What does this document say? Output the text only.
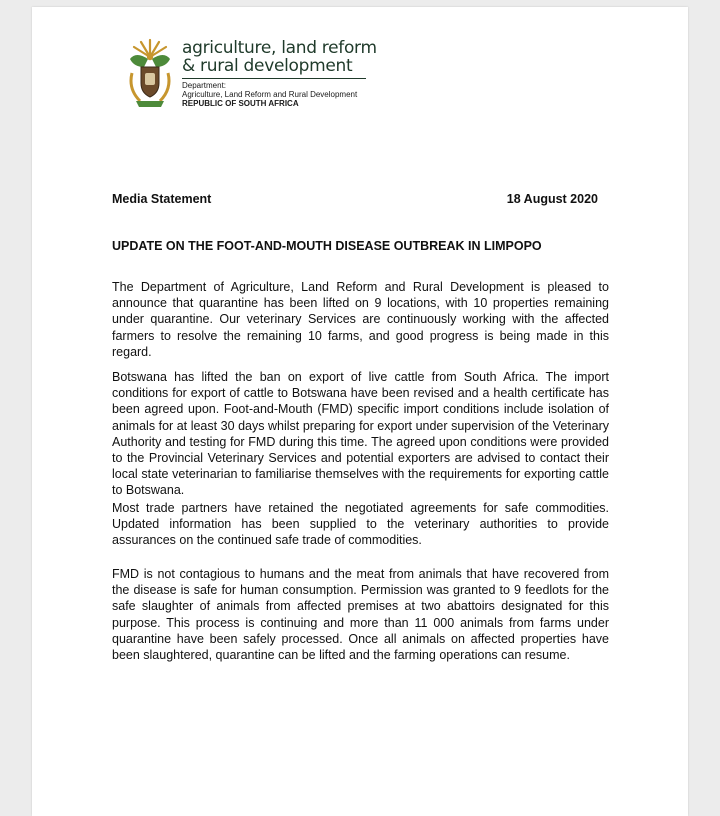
agriculture, land reform
& rural development
Department:
Agriculture, Land Reform and Rural Development
REPUBLIC OF SOUTH AFRICA
Media Statement	18 August 2020
UPDATE ON THE FOOT-AND-MOUTH DISEASE OUTBREAK IN LIMPOPO

The Department of Agriculture, Land Reform and Rural Development is pleased to announce that quarantine has been lifted on 9 locations, with 10 properties remaining under quarantine. Our veterinary Services are continuously working with the affected farmers to resolve the remaining 10 farms, and good progress is being made in this regard.

Botswana has lifted the ban on export of live cattle from South Africa. The import conditions for export of cattle to Botswana have been revised and a health certificate has been agreed upon. Foot-and-Mouth (FMD) specific import conditions include isolation of animals for at least 30 days whilst preparing for export under supervision of the Veterinary Authority and testing for FMD during this time. The agreed upon conditions were provided to the Provincial Veterinary Services and potential exporters are advised to contact their local state veterinarian to familiarise themselves with the requirements for exporting cattle to Botswana.

Most trade partners have retained the negotiated agreements for safe commodities. Updated information has been supplied to the veterinary authorities to provide assurances on the continued safe trade of commodities.

FMD is not contagious to humans and the meat from animals that have recovered from the disease is safe for human consumption. Permission was granted to 9 feedlots for the safe slaughter of animals from affected premises at two abattoirs designated for this purpose. This process is continuing and more than 11 000 animals from farms under quarantine have been safely processed. Once all animals on affected properties have been slaughtered, quarantine can be lifted and the farming operations can resume.
